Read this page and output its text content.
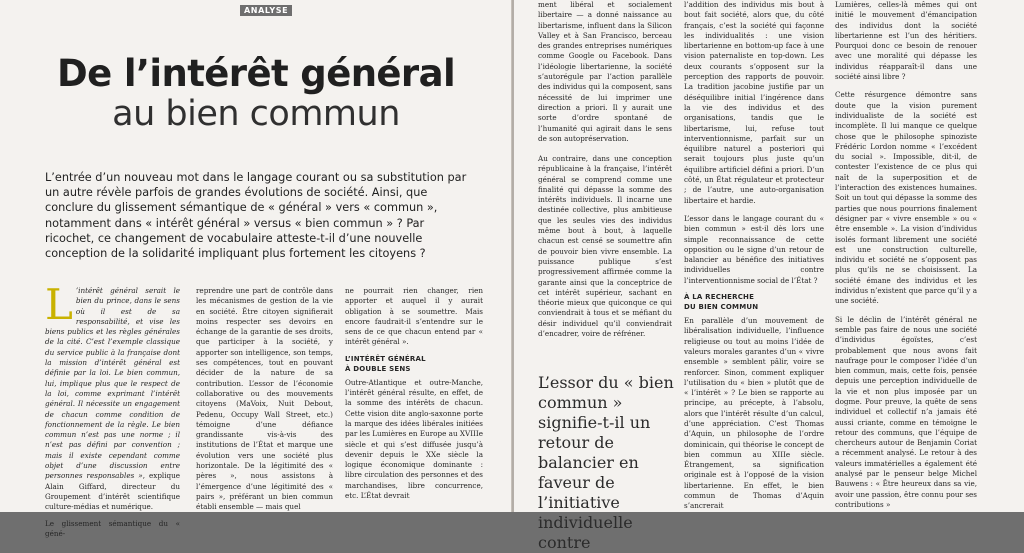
ANALYSE
De l’intérêt général
au bien commun
L’entrée d’un nouveau mot dans le langage courant ou sa substitution par un autre révèle parfois de grandes évolutions de société. Ainsi, que conclure du glissement sémantique de « général » vers « commun », notamment dans « intérêt général » versus « bien commun » ? Par ricochet, ce changement de vocabulaire atteste-t-il d’une nouvelle conception de la solidarité impliquant plus fortement les citoyens ?
L ’intérêt général serait le bien du prince, dans le sens où il est de sa responsabilité, et vise les biens publics et les règles générales de la cité. C’est l’exemple classique du service public à la française dont la mission d’intérêt général est définie par la loi. Le bien commun, lui, implique plus que le respect de la loi, comme exprimant l’intérêt général. Il nécessite un engagement de chacun comme condition de fonctionnement de la règle. Le bien commun n’est pas une norme ; il n’est pas défini par convention ; mais il existe cependant comme objet d’une discussion entre personnes responsables », explique Alain Giffard, directeur du Groupement d’intérêt scientifique culture-médias et numérique.

Le glissement sémantique du « géné-

reprendre une part de contrôle dans les mécanismes de gestion de la vie en société. Être citoyen signifierait moins respecter ses devoirs en échange de la garantie de ses droits, que participer à la société, y apporter son intelligence, son temps, ses compétences, tout en pouvant décider de la nature de sa contribution. L’essor de l’économie collaborative ou des mouvements citoyens (MaVoix, Nuit Debout, Pedenu, Occupy Wall Street, etc.) témoigne d’une défiance grandissante vis-à-vis des institutions de l’État et marque une évolution vers une société plus horizontale. De la légitimité des « pères », nous assistons à l’émergence d’une légitimité des « pairs », préférant un bien commun établi ensemble — mais quel
ne pourrait rien changer, rien apporter et auquel il y aurait obligation à se soumettre. Mais encore faudrait-il s’entendre sur le sens de ce que chacun entend par « intérêt général ».
L’INTÉRÊT GÉNÉRAL
À DOUBLE SENS
Outre-Atlantique et outre-Manche, l’intérêt général résulte, en effet, de la somme des intérêts de chacun. Cette vision dite anglo-saxonne porte la marque des idées libérales initiées par les Lumières en Europe au XVIIIe siècle et qui s’est diffusée jusqu’à devenir depuis le XXe siècle la logique économique dominante : libre circulation des personnes et des marchandises, libre concurrence, etc. L’État devrait
ment libéral et socialement libertaire — a donné naissance au libertarisme, influent dans la Silicon Valley et à San Francisco, berceau des grandes entreprises numériques comme Google ou Facebook. Dans l’idéologie libertarienne, la société s’autorégule par l’action parallèle des individus qui la composent, sans nécessité de lui imprimer une direction a priori. Il y aurait une sorte d’ordre spontané de l’humanité qui agirait dans le sens de son autopréservation.
Au contraire, dans une conception républicaine à la française, l’intérêt général se comprend comme une finalité qui dépasse la somme des intérêts individuels. Il incarne une destinée collective, plus ambitieuse que les seules vies des individus même bout à bout, à laquelle chacun est censé se soumettre afin de pouvoir bien vivre ensemble. La puissance publique s’est progressivement affirmée comme la garante ainsi que la conceptrice de cet intérêt supérieur, sachant en théorie mieux que quiconque ce qui conviendrait à tous et se méfiant du désir individuel qu’il conviendrait d’encadrer, voire de réfréner.
L’essor du « bien commun » signifie-t-il un retour de balancier en faveur de l’initiative individuelle contre
l’addition des individus mis bout à bout fait société, alors que, du côté français, c’est la société qui façonne les individualités : une vision libertarienne en bottom-up face à une vision paternaliste en top-down. Les deux courants s’opposent sur la perception des rapports de pouvoir. La tradition jacobine justifie par un déséquilibre initial l’ingérence dans la vie des individus et des organisations, tandis que le libertarisme, lui, refuse tout interventionnisme, parfait sur un équilibre naturel a posteriori qui serait toujours plus juste qu’un équilibre artificiel défini a priori. D’un côté, un État régulateur et protecteur ; de l’autre, une auto-organisation libertaire et hardie.
L’essor dans le langage courant du « bien commun » est-il dès lors une simple reconnaissance de cette opposition ou le signe d’un retour de balancier au bénéfice des initiatives individuelles contre l’interventionnisme social de l’État ?
À LA RECHERCHE
DU BIEN COMMUN
En parallèle d’un mouvement de libéralisation individuelle, l’influence religieuse ou tout au moins l’idée de valeurs morales garantes d’un « vivre ensemble » semblent pâlir, voire se renforcer. Sinon, comment expliquer l’utilisation du « bien » plutôt que de « l’intérêt » ? Le bien se rapporte au principe, au précepte, à l’absolu, alors que l’intérêt résulte d’un calcul, d’une appréciation. C’est Thomas d’Aquin, un philosophe de l’ordre dominicain, qui théorise le concept de bien commun au XIIIe siècle. Étrangement, sa signification originale est à l’opposé de la vision libertarienne. En effet, le bien commun de Thomas d’Aquin s’ancrerait
Lumières, celles-là mêmes qui ont initié le mouvement d’émancipation des individus dont la société libertarienne est l’un des héritiers. Pourquoi donc ce besoin de renouer avec une moralité qui dépasse les individus réapparaît-il dans une société ainsi libre ?
Cette résurgence démontre sans doute que la vision purement individualiste de la société est incomplète. Il lui manque ce quelque chose que le philosophe spinoziste Frédéric Lordon nomme « l’excédent du social ». Impossible, dit-il, de contester l’existence de ce plus qui naît de la superposition et de l’interaction des existences humaines. Soit un tout qui dépasse la somme des parties que nous pourrions finalement désigner par « vivre ensemble » ou « être ensemble ». La vision d’individus isolés formant librement une société est une construction culturelle, individu et société ne s’opposent pas plus qu’ils ne se choisissent. La société émane des individus et les individus n’existent que parce qu’il y a une société.
Si le déclin de l’intérêt général ne semble pas faire de nous une société d’individus égoïstes, c’est probablement que nous avons fait naufrage pour le composer l’idée d’un bien commun, mais, cette fois, pensée depuis une perception individuelle de la vie et non plus imposée par un dogme. Pour preuve, la quête de sens individuel et collectif n’a jamais été aussi criante, comme en témoigne le retour des communs, que l’équipe de chercheurs autour de Benjamin Coriat a récemment analysé. Le retour à des valeurs immatérielles a également été analysé par le penseur belge Michel Bauwens : « Être heureux dans sa vie, avoir une passion, être connu pour ses contributions »
